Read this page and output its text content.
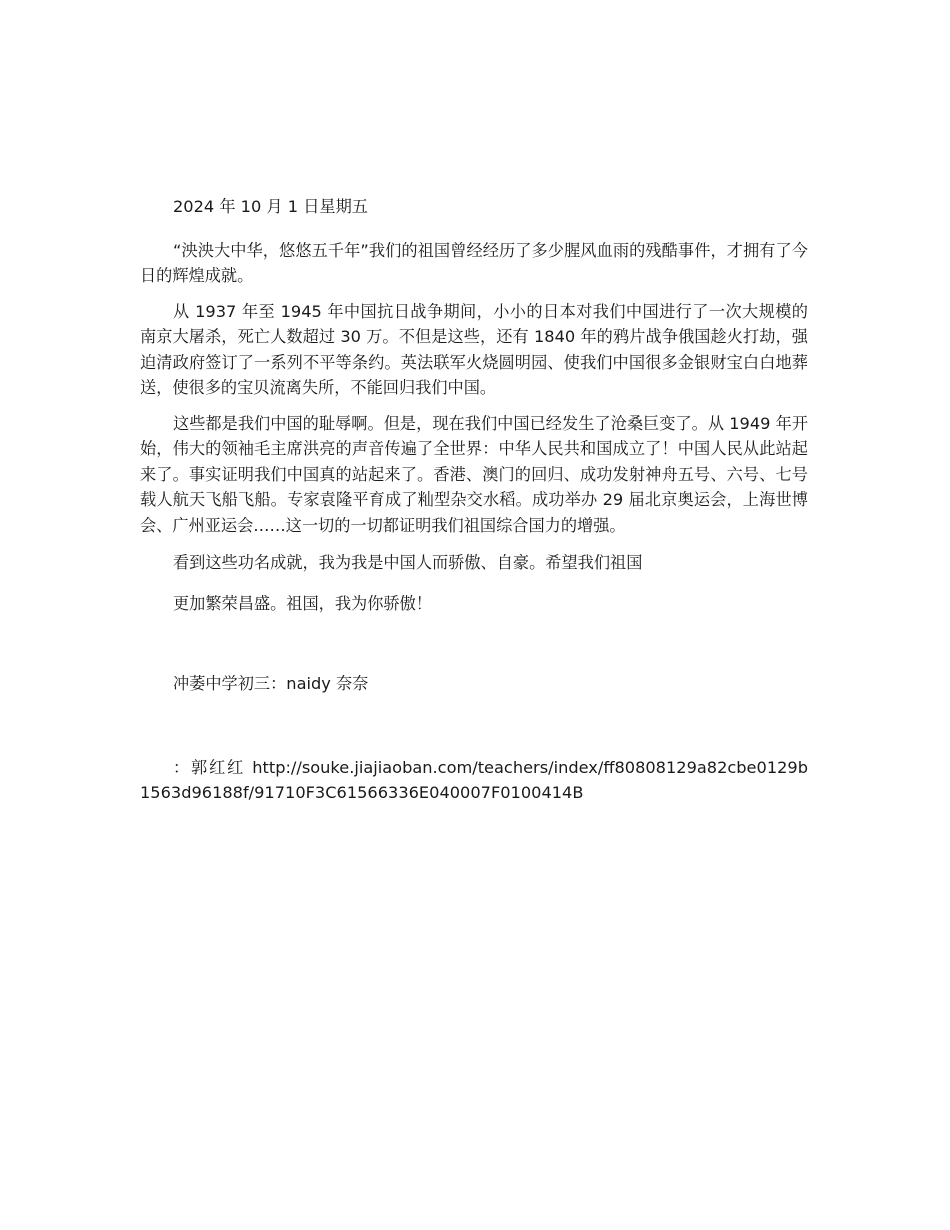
2024 年 10 月 1 日星期五

“泱泱大中华，悠悠五千年”我们的祖国曾经经历了多少腥风血雨的残酷事件，才拥有了今日的辉煌成就。

从 1937 年至 1945 年中国抗日战争期间，小小的日本对我们中国进行了一次大规模的南京大屠杀，死亡人数超过 30 万。不但是这些，还有 1840 年的鸦片战争俄国趁火打劫，强迫清政府签订了一系列不平等条约。英法联军火烧圆明园、使我们中国很多金银财宝白白地葬送，使很多的宝贝流离失所，不能回归我们中国。

这些都是我们中国的耻辱啊。但是，现在我们中国已经发生了沧桑巨变了。从 1949 年开始，伟大的领袖毛主席洪亮的声音传遍了全世界：中华人民共和国成立了！中国人民从此站起来了。事实证明我们中国真的站起来了。香港、澳门的回归、成功发射神舟五号、六号、七号载人航天飞船飞船。专家袁隆平育成了籼型杂交水稻。成功举办 29 届北京奥运会，上海世博会、广州亚运会……这一切的一切都证明我们祖国综合国力的增强。

看到这些功名成就，我为我是中国人而骄傲、自豪。希望我们祖国

更加繁荣昌盛。祖国，我为你骄傲！

冲萎中学初三：naidy 奈奈

：郭红红 http://souke.jiajiaoban.com/teachers/index/ff80808129a82cbe0129b1563d96188f/91710F3C61566336E040007F0100414B
